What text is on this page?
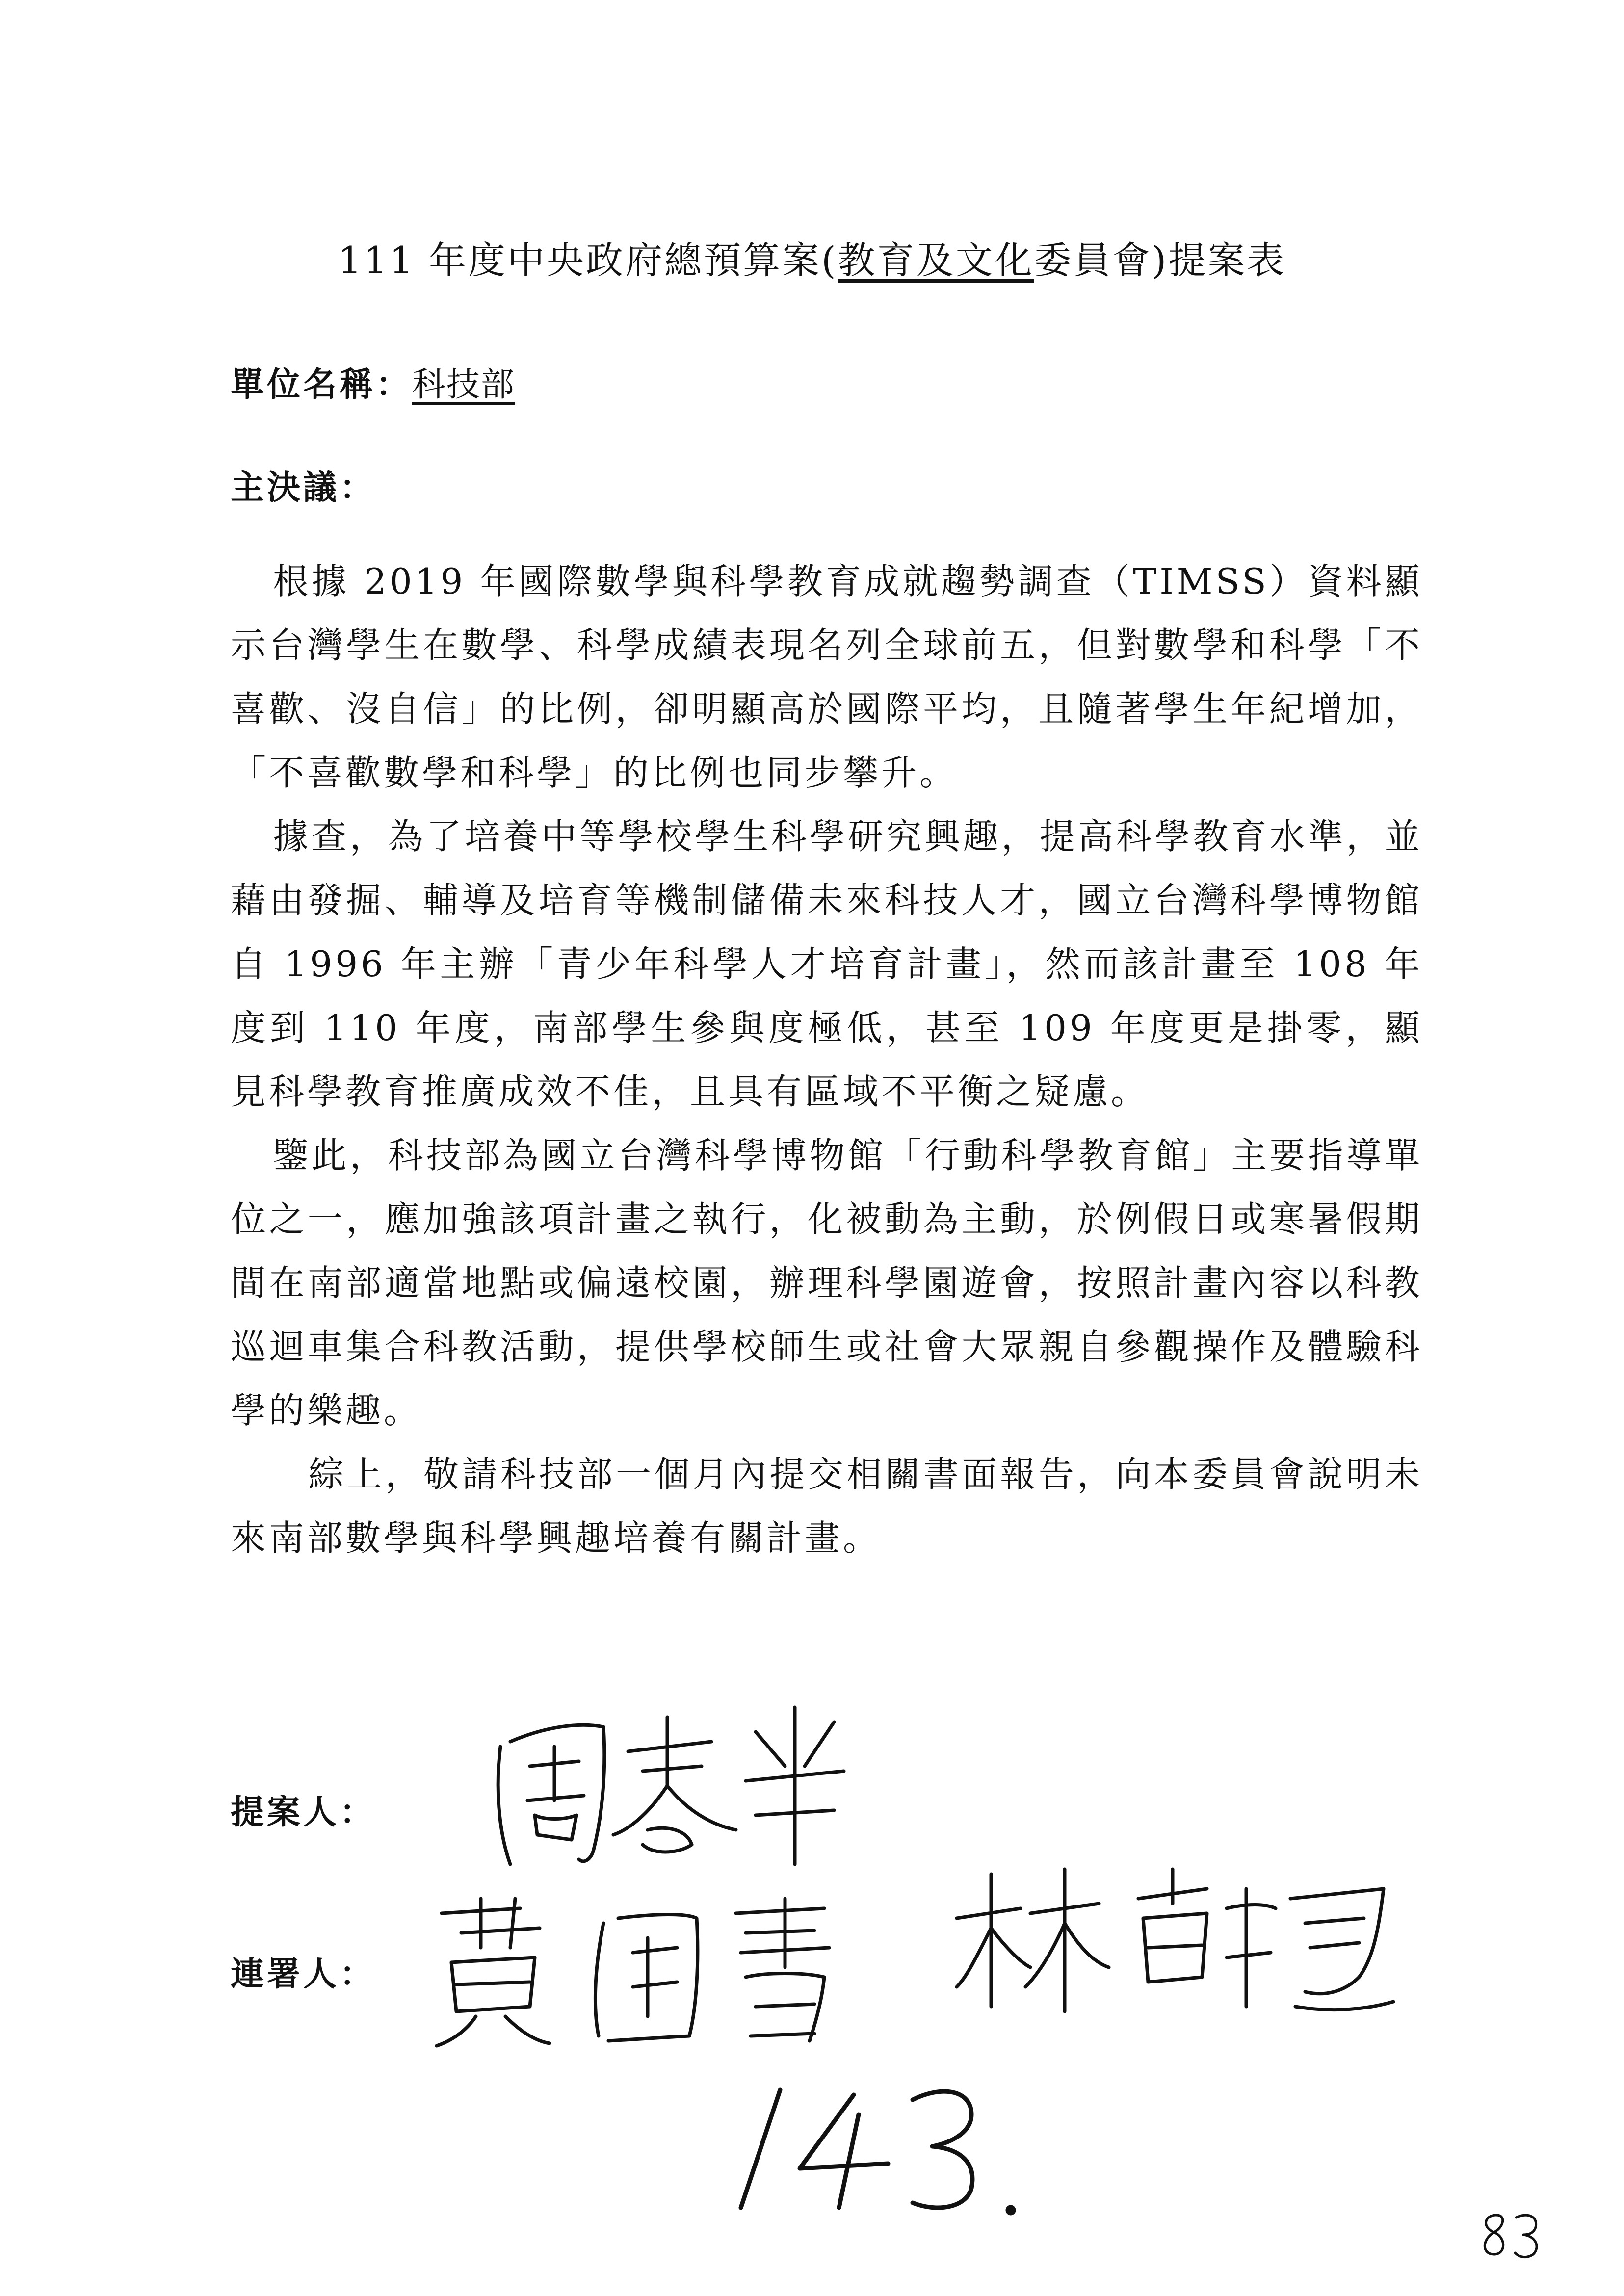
111 年度中央政府總預算案(教育及文化委員會)提案表
單位名稱：科技部
主決議：

根據 2019 年國際數學與科學教育成就趨勢調查（TIMSS）資料顯示台灣學生在數學、科學成績表現名列全球前五，但對數學和科學「不喜歡、沒自信」的比例，卻明顯高於國際平均，且隨著學生年紀增加，「不喜歡數學和科學」的比例也同步攀升。

據查，為了培養中等學校學生科學研究興趣，提高科學教育水準，並藉由發掘、輔導及培育等機制儲備未來科技人才，國立台灣科學博物館自 1996 年主辦「青少年科學人才培育計畫」，然而該計畫至 108 年度到 110 年度，南部學生參與度極低，甚至 109 年度更是掛零，顯見科學教育推廣成效不佳，且具有區域不平衡之疑慮。

鑒此，科技部為國立台灣科學博物館「行動科學教育館」主要指導單位之一，應加強該項計畫之執行，化被動為主動，於例假日或寒暑假期間在南部適當地點或偏遠校園，辦理科學園遊會，按照計畫內容以科教巡迴車集合科教活動，提供學校師生或社會大眾親自參觀操作及體驗科學的樂趣。

綜上，敬請科技部一個月內提交相關書面報告，向本委員會說明未來南部數學與科學興趣培養有關計畫。

提案人：
連署人：
